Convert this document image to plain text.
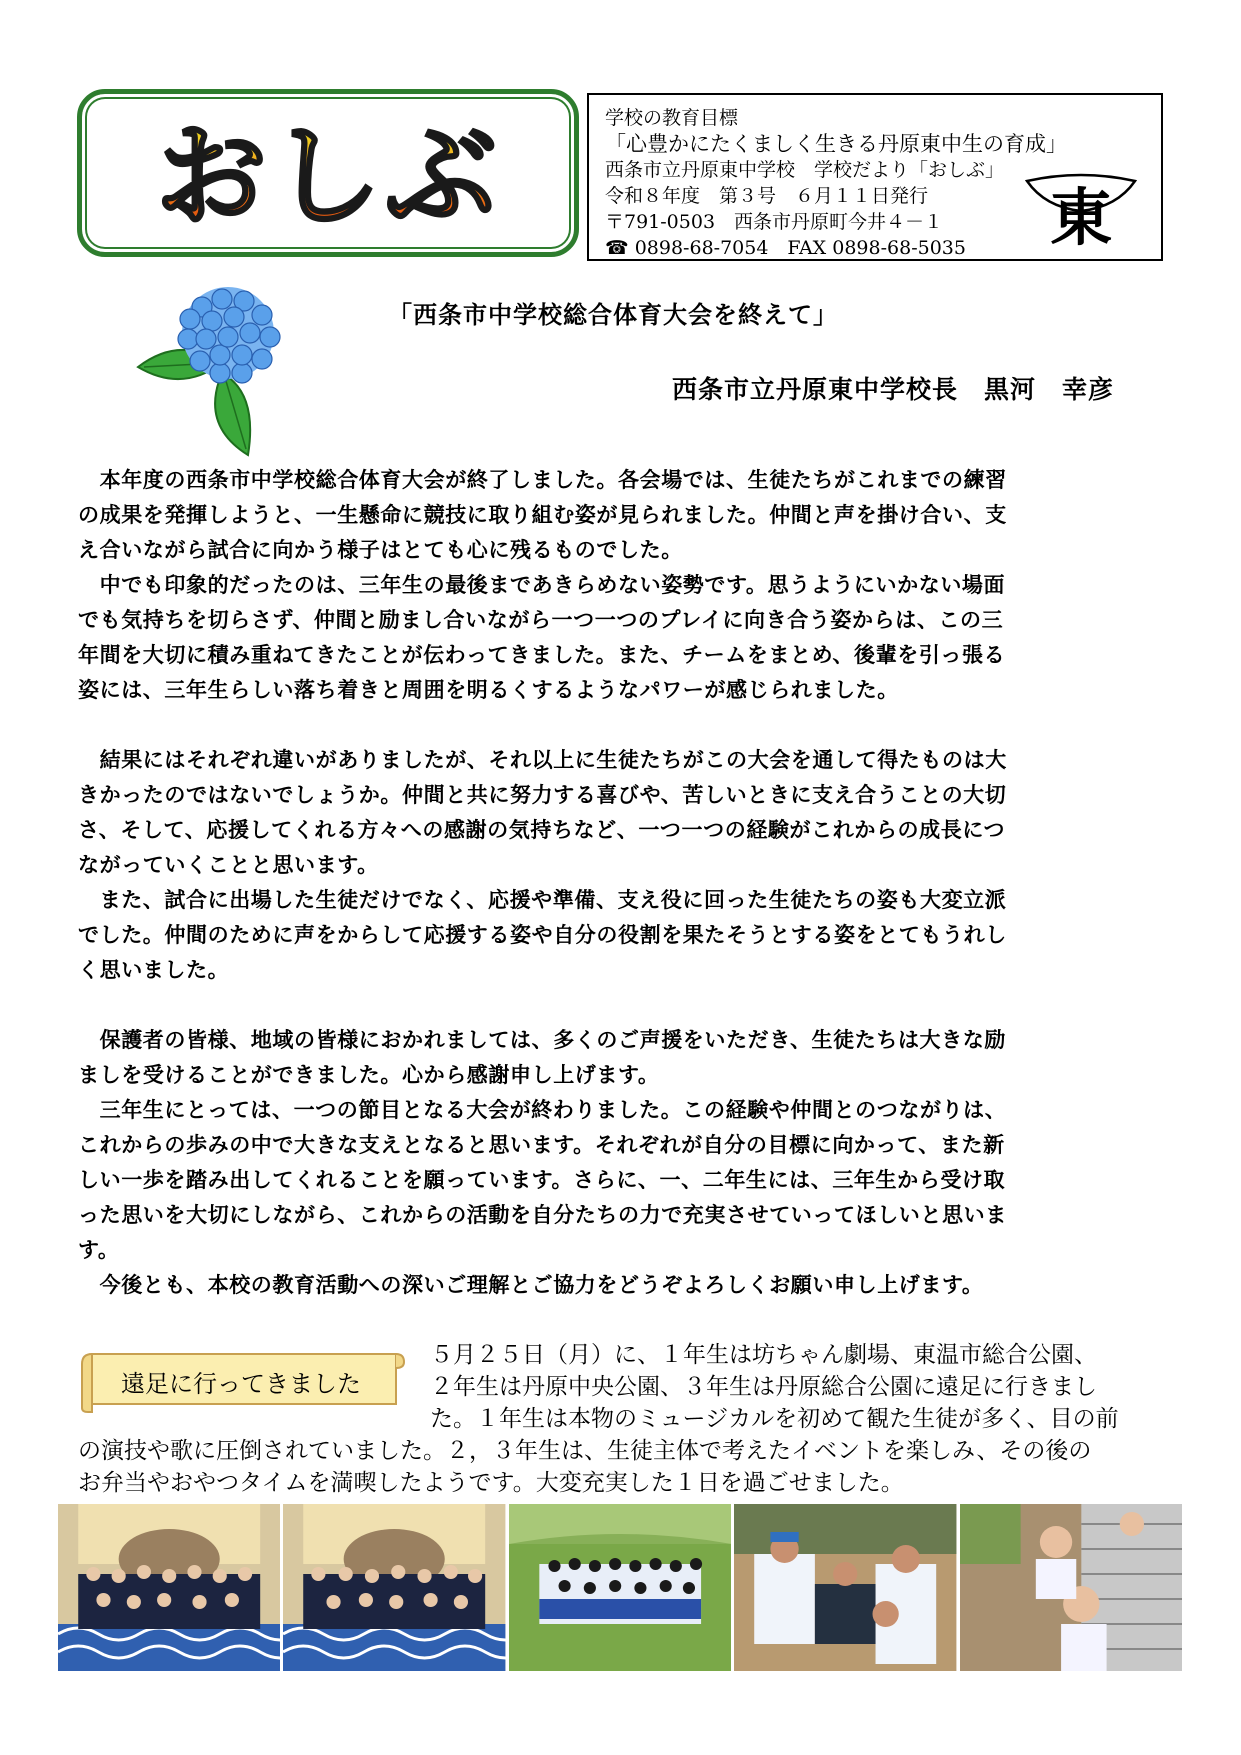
おしぶ	学校の教育目標
「心豊かにたくましく生きる丹原東中生の育成」
西条市立丹原東中学校　学校だより「おしぶ」
令和８年度　第３号　６月１１日発行
〒791-0503　西条市丹原町今井４－１
☎ 0898-68-7054　FAX 0898-68-5035	東
「西条市中学校総合体育大会を終えて」
西条市立丹原東中学校長　黒河　幸彦

　本年度の西条市中学校総合体育大会が終了しました。各会場では、生徒たちがこれまでの練習

の成果を発揮しようと、一生懸命に競技に取り組む姿が見られました。仲間と声を掛け合い、支

え合いながら試合に向かう様子はとても心に残るものでした。

　中でも印象的だったのは、三年生の最後まであきらめない姿勢です。思うようにいかない場面

でも気持ちを切らさず、仲間と励まし合いながら一つ一つのプレイに向き合う姿からは、この三

年間を大切に積み重ねてきたことが伝わってきました。また、チームをまとめ、後輩を引っ張る

姿には、三年生らしい落ち着きと周囲を明るくするようなパワーが感じられました。

　結果にはそれぞれ違いがありましたが、それ以上に生徒たちがこの大会を通して得たものは大

きかったのではないでしょうか。仲間と共に努力する喜びや、苦しいときに支え合うことの大切

さ、そして、応援してくれる方々への感謝の気持ちなど、一つ一つの経験がこれからの成長につ

ながっていくことと思います。

　また、試合に出場した生徒だけでなく、応援や準備、支え役に回った生徒たちの姿も大変立派

でした。仲間のために声をからして応援する姿や自分の役割を果たそうとする姿をとてもうれし

く思いました。

　保護者の皆様、地域の皆様におかれましては、多くのご声援をいただき、生徒たちは大きな励

ましを受けることができました。心から感謝申し上げます。

　三年生にとっては、一つの節目となる大会が終わりました。この経験や仲間とのつながりは、

これからの歩みの中で大きな支えとなると思います。それぞれが自分の目標に向かって、また新

しい一歩を踏み出してくれることを願っています。さらに、一、二年生には、三年生から受け取

った思いを大切にしながら、これからの活動を自分たちの力で充実させていってほしいと思いま

す。

　今後とも、本校の教育活動への深いご理解とご協力をどうぞよろしくお願い申し上げます。

遠足に行ってきました

５月２５日（月）に、１年生は坊ちゃん劇場、東温市総合公園、

２年生は丹原中央公園、３年生は丹原総合公園に遠足に行きまし

た。１年生は本物のミュージカルを初めて観た生徒が多く、目の前

の演技や歌に圧倒されていました。２，３年生は、生徒主体で考えたイベントを楽しみ、その後の

お弁当やおやつタイムを満喫したようです。大変充実した１日を過ごせました。
